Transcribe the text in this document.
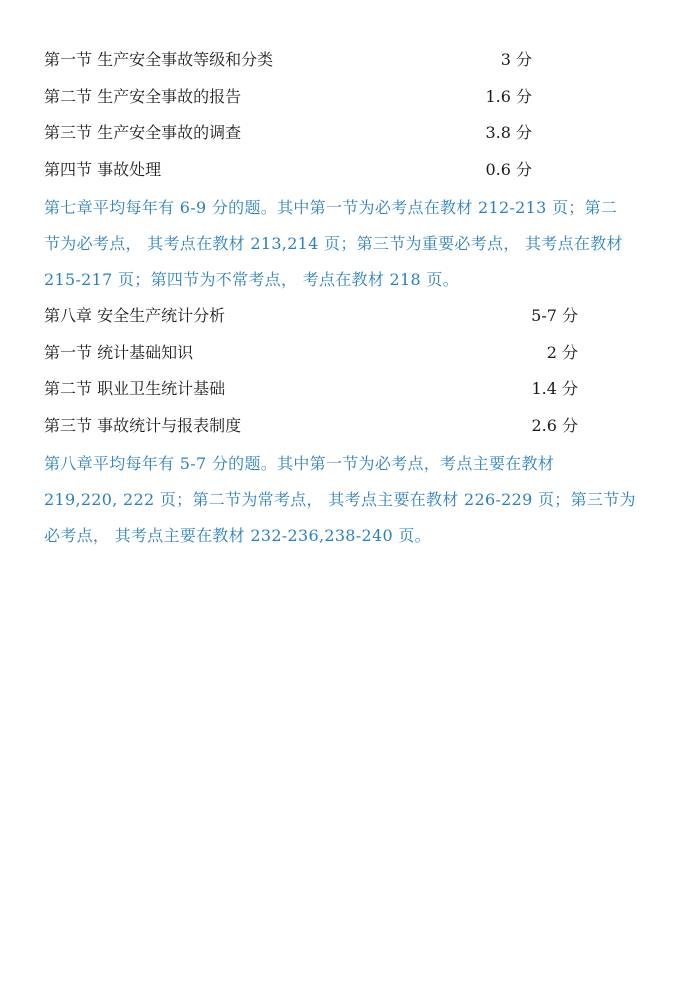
第一节 生产安全事故等级和分类	3 分
第二节 生产安全事故的报告	1.6 分
第三节 生产安全事故的调查	3.8 分
第四节 事故处理	0.6 分
第七章平均每年有 6-9 分的题。其中第一节为必考点在教材 212-213 页；第二
节为必考点， 其考点在教材 213,214 页；第三节为重要必考点， 其考点在教材
215-217 页；第四节为不常考点， 考点在教材 218 页。
第八章 安全生产统计分析	5-7 分
第一节 统计基础知识	2 分
第二节 职业卫生统计基础	1.4 分
第三节 事故统计与报表制度	2.6 分
第八章平均每年有 5-7 分的题。其中第一节为必考点，考点主要在教材
219,220, 222 页；第二节为常考点， 其考点主要在教材 226-229 页；第三节为
必考点， 其考点主要在教材 232-236,238-240 页。
